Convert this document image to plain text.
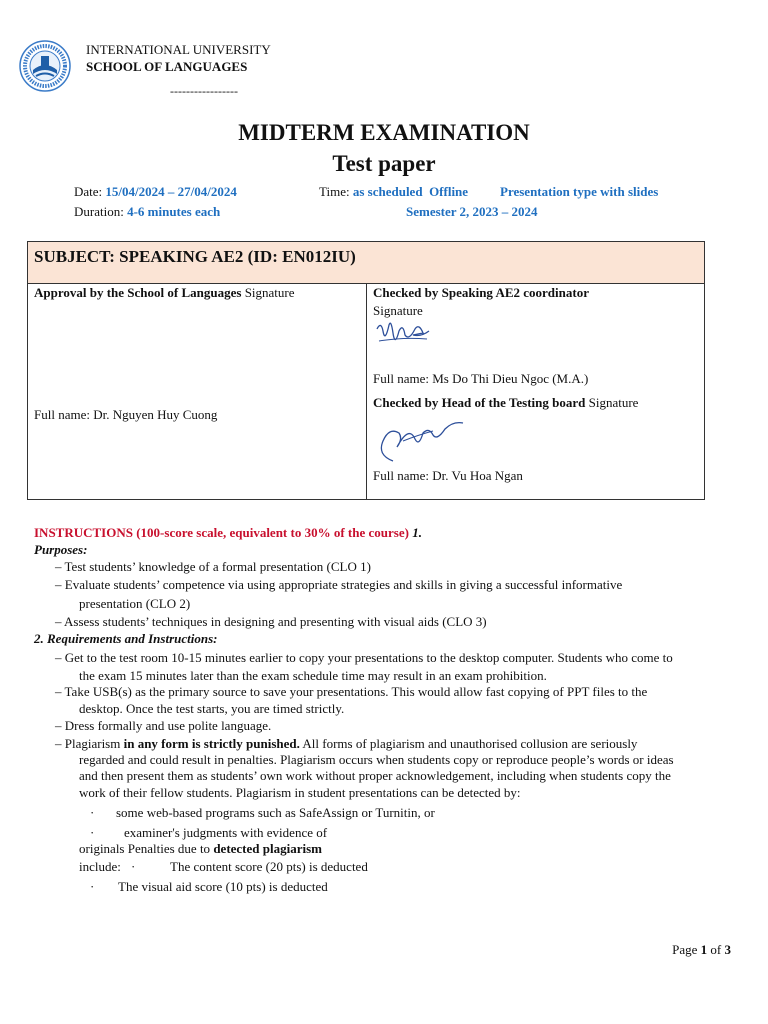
INTERNATIONAL UNIVERSITY
SCHOOL OF LANGUAGES
-----------------
MIDTERM EXAMINATION
Test paper
Date: 15/04/2024 – 27/04/2024	Time: as scheduled Offline Presentation type with slides
Duration: 4-6 minutes each	Semester 2, 2023 – 2024
SUBJECT: SPEAKING AE2 (ID: EN012IU)
Approval by the School of Languages Signature
Full name: Dr. Nguyen Huy Cuong
Checked by Speaking AE2 coordinator
Signature
Full name: Ms Do Thi Dieu Ngoc (M.A.)
Checked by Head of the Testing board Signature
Full name: Dr. Vu Hoa Ngan
INSTRUCTIONS (100-score scale, equivalent to 30% of the course) 1.
Purposes:
– Test students’ knowledge of a formal presentation (CLO 1)
– Evaluate students’ competence via using appropriate strategies and skills in giving a successful informative
presentation (CLO 2)
– Assess students’ techniques in designing and presenting with visual aids (CLO 3)
2. Requirements and Instructions:
– Get to the test room 10-15 minutes earlier to copy your presentations to the desktop computer. Students who come to
the exam 15 minutes later than the exam schedule time may result in an exam prohibition.
– Take USB(s) as the primary source to save your presentations. This would allow fast copying of PPT files to the
desktop. Once the test starts, you are timed strictly.
– Dress formally and use polite language.
– Plagiarism in any form is strictly punished. All forms of plagiarism and unauthorised collusion are seriously
regarded and could result in penalties. Plagiarism occurs when students copy or reproduce people’s words or ideas
and then present them as students’ own work without proper acknowledgement, including when students copy the
work of their fellow students. Plagiarism in student presentations can be detected by:
· some web-based programs such as SafeAssign or Turnitin, or
· examiner's judgments with evidence of
originals Penalties due to detected plagiarism
include: ·	The content score (20 pts) is deducted
· The visual aid score (10 pts) is deducted
Page 1 of 3
